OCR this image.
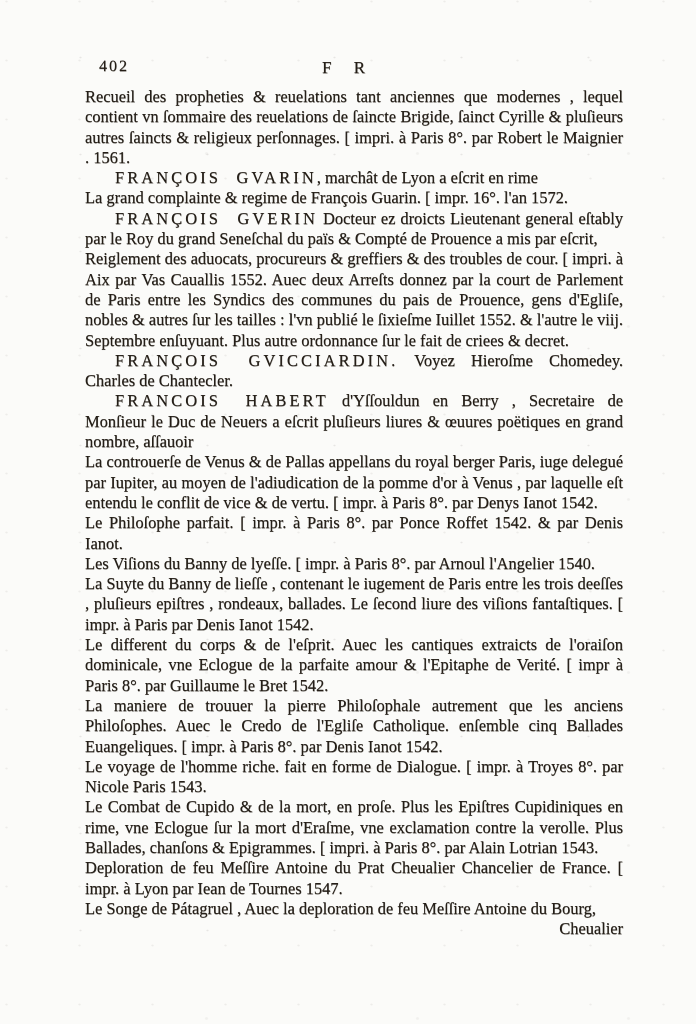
402	F R
Recueil des propheties & reuelations tant anciennes que modernes , lequel contient vn ſommaire des reuelations de ſaincte Brigide, ſainct Cyrille & pluſieurs autres ſaincts & religieux perſonnages. [ impri. à Paris 8°. par Robert le Maignier . 1561.
FRANÇOIS GVARIN, marchât de Lyon a eſcrit en rime
La grand complainte & regime de François Guarin. [ impr. 16°. l'an 1572.
FRANÇOIS GVERIN Docteur ez droicts Lieutenant general eſtably par le Roy du grand Seneſchal du païs & Compté de Prouence a mis par eſcrit,
Reiglement des aduocats, procureurs & greffiers & des troubles de cour. [ impri. à Aix par Vas Cauallis 1552. Auec deux Arreſts donnez par la court de Parlement de Paris entre les Syndics des communes du pais de Prouence, gens d'Egliſe, nobles & autres ſur les tailles : l'vn publié le ſixieſme Iuillet 1552. & l'autre le viij. Septembre enſuyuant. Plus autre ordonnance ſur le fait de criees & decret.
FRANÇOIS GVICCIARDIN. Voyez Hieroſme Chomedey. Charles de Chantecler.
FRANCOIS HABERT d'Yſſouldun en Berry , Secretaire de Monſieur le Duc de Neuers a eſcrit pluſieurs liures & œuures poëtiques en grand nombre, aſſauoir
La controuerſe de Venus & de Pallas appellans du royal berger Paris, iuge delegué par Iupiter, au moyen de l'adiudication de la pomme d'or à Venus , par laquelle eſt entendu le conflit de vice & de vertu. [ impr. à Paris 8°. par Denys Ianot 1542.
Le Philoſophe parfait. [ impr. à Paris 8°. par Ponce Roffet 1542. & par Denis Ianot.
Les Viſions du Banny de lyeſſe. [ impr. à Paris 8°. par Arnoul l'Angelier 1540.
La Suyte du Banny de lieſſe , contenant le iugement de Paris entre les trois deeſſes , pluſieurs epiſtres , rondeaux, ballades. Le ſecond liure des viſions fantaſtiques. [ impr. à Paris par Denis Ianot 1542.
Le different du corps & de l'eſprit. Auec les cantiques extraicts de l'oraiſon dominicale, vne Eclogue de la parfaite amour & l'Epitaphe de Verité. [ impr à Paris 8°. par Guillaume le Bret 1542.
La maniere de trouuer la pierre Philoſophale autrement que les anciens Philoſophes. Auec le Credo de l'Egliſe Catholique. enſemble cinq Ballades Euangeliques. [ impr. à Paris 8°. par Denis Ianot 1542.
Le voyage de l'homme riche. fait en forme de Dialogue. [ impr. à Troyes 8°. par Nicole Paris 1543.
Le Combat de Cupido & de la mort, en proſe. Plus les Epiſtres Cupidiniques en rime, vne Eclogue ſur la mort d'Eraſme, vne exclamation contre la verolle. Plus Ballades, chanſons & Epigrammes. [ impri. à Paris 8°. par Alain Lotrian 1543.
Deploration de feu Meſſire Antoine du Prat Cheualier Chancelier de France. [ impr. à Lyon par Iean de Tournes 1547.
Le Songe de Pátagruel , Auec la deploration de feu Meſſire Antoine du Bourg,
Cheualier
